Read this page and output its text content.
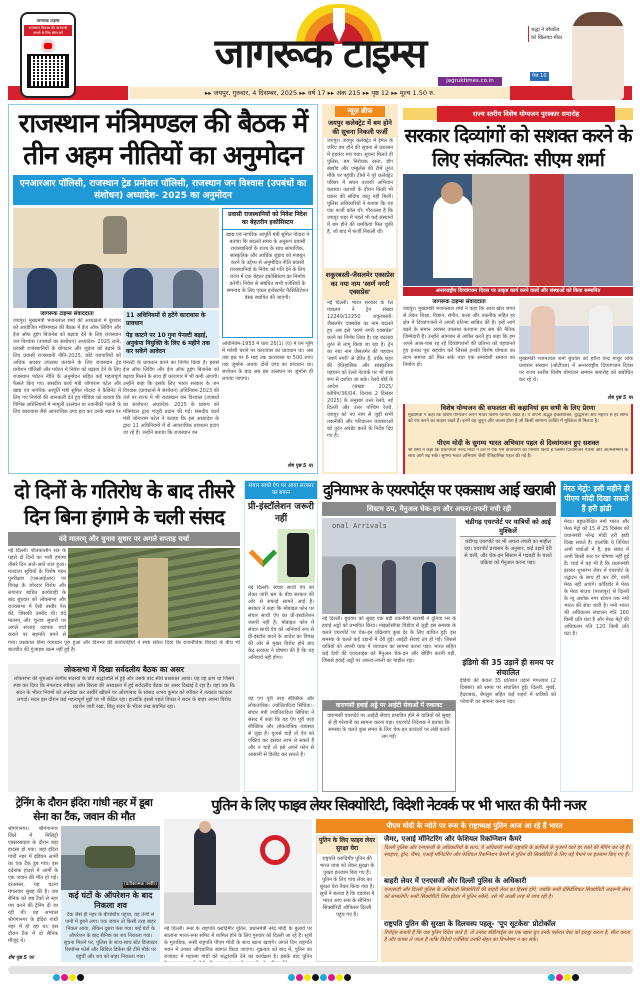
जागरूक टाइम्स
राजस्थान विकास की जानकारी जानने के लिए स्कैन करें	जागरूक टाइम्स
jagruktimes.co.in
▸▸ जयपुर, गुरुवार, 4 दिसम्बर, 2025 ▸▸ वर्ष 17 ▸▸ अंक 215 ▸▸ पृष्ठ 12 ▸▸ मूल्य 1.50 रु.
श्रद्धा ने बॉयफ्रेंड को खिलाया मीठा
पेज 10
राजस्थान मंत्रिमण्डल की बैठक में तीन अहम नीतियों का अनुमोदन
एनआरआर पॉलिसी, राजस्थान ट्रेड प्रमोशन पॉलिसी, राजस्थान जन विश्वास (उपबंधों का संशोधन) अध्यादेश- 2025 का अनुमोदन
जागरूक टाइम्स संवाददाता
जयपुर। मुख्यमंत्री भजनलाल शर्मा की अध्यक्षता में बुधवार को आयोजित मंत्रिमण्डल की बैठक में ईज ऑफ लिविंग और ईज ऑफ डूइंग बिजनेस को बढ़ावा देने के लिए राजस्थान जन विश्वास (उपबंधों का संशोधन) अध्यादेश- 2025 लाने, प्रवासी राजस्थानियों के योगदान और जुड़ाव को बढ़ाने के लिए प्रवासी राजस्थानी नीति-2025, छोटे व्यापारियों को अधिक अवसर उपलब्ध करवाने के लिए राजस्थान ट्रेड प्रमोशन पॉलिसी और पर्यटन में निवेश को बढ़ावा देने के लिए राजस्थान पर्यटन नीति के अनुमोदन सहित कई महत्वपूर्ण फैसले किए गए। संसदीय कार्य मंत्री जोगाराम पटेल और खाद्य एवं नागरिक आपूर्ति मंत्री सुमित गोदारा ने कैबिनेट में लिए गए निर्णयों की जानकारी देते हुए मीडिया को बताया कि विभिन्न अधिनियमों में मामूली उल्लंघन या तकनीकी गलती के लिए कारावास जैसे आपराधिक दण्ड हटा कर उनके स्थान पर
11 अधिनियमों से हटेंगे कारावास के प्रावधान
पेड़ काटने पर 10 गुना पेनल्टी बढ़ाई, अनुकंपा नियुक्ति के लिए 6 महीने तक कर सकेंगे आवेदन
पेनल्टी के प्रावधान करने का निर्णय किया है। इससे ईज ऑफ लिविंग और ईज ऑफ डूइंग बिजनेस को बढ़ावा मिलने के साथ ही कारागार में भी कमी आएगी। उन्होंने कहा कि इसके लिए भारत सरकार के जन विश्वास (प्रावधानों में संशोधन) अधिनियम-2023 की तर्ज पर राज्य में भी राजस्थान जन विश्वास (उपबंधों का संशोधन) अध्यादेश- 2025 के प्रारूप को मंत्रिमंडल द्वारा मंजूरी प्रदान की गई। संसदीय कार्य मंत्री जोगाराम पटेल ने बताया कि इस अध्यादेश के द्वारा 11 अधिनियमों में से आपराधिक प्रावधान हटाए जा रहे हैं। उन्होंने बताया कि राजस्थान वन
प्रवासी राजस्थानियों को निवेश निदेश का बेहतरीन इकोसिस्टम
खाद्य एवं नागरिक आपूर्ति मंत्री सुमित गोदारा ने बताया कि बदलते समय के अनुरूप प्रवासी राजस्थानियों के राज्य के साथ सामाजिक, सांस्कृतिक और आर्थिक जुड़ाव को मजबूत करने के उद्देश्य से अनुमोदित नीति प्रवासी राजस्थानियों के निवेश को गति देने के लिए राज्य में एक बेहतर इकोसिस्टम का निर्माण करेगी। निवेश से संबंधित सभी एजेंसियों के समन्वय के लिए एकल इन्वेस्टमेंट फैसिलिटेशन डेस्क स्थापित की जाएगी।
अधिनियम-1953 में धारा 26(1) (ए) में वन भूमि में मवेशी चराने पर कारावास का प्रावधान था। अब तक इस पर 6 माह तक कारावास या 500 रुपए तक जुर्माना अथवा दोनों दण्ड का प्रावधान था। संशोधन के बाद अब इस उल्लंघन पर जुर्माना ही लगाया जाएगा।
शेष पृष्ठ 5 पर
न्यूज़ ब्रीफ
जयपुर कलेक्ट्रेट में बम होने की सूचना निकली फर्जी
जयपुर। जयपुर कलेक्ट्रेट में ईमेल के जरिए बम होने की सूचना से प्रशासन में हड़कंप मच गया। सूचना मिलते ही पुलिस, बम निरोधक दस्ता, डॉग स्क्वॉड और एम्बुलेंस की टीमें तुरंत मौके पर पहुंचीं। टीमों ने पूरे कलेक्ट्रेट परिसर में सघन तलाशी अभियान चलाया। तलाशी के दौरान किसी भी प्रकार की संदिग्ध वस्तु नहीं मिली। पुलिस अधिकारियों ने बताया कि यह एक फर्जी कॉल थी। गौरतलब है कि जयपुर शहर में पहले भी कई संस्थानों में बम होने की धमकियां मिल चुकी हैं, जो बाद में फर्जी निकली थीं।
शकूरबस्ती-जैसलमेर एक्सप्रेस का नया नाम 'स्वर्ण नगरी एक्सप्रेस'
नई दिल्ली। भारत सरकार के रेल मंत्रालय ने ट्रेन संख्या 12249/12250 शकूरबस्ती- जैसलमेर एक्सप्रेस का नाम बदलते हुए अब इसे 'स्वर्ण नगरी एक्सप्रेस' करने का निर्णय लिया है। यह बदलाव तुरंत से लागू किया जा रहा है। ट्रेन का नया नाम जैसलमेर की पहचान 'स्वर्ण नगरी' से प्रेरित है, ताकि शहर की ऐतिहासिक और सांस्कृतिक पहचान को रेलवे नेटवर्क पर भी स्पष्ट रूप से दर्शाया जा सके। रेलवे बोर्ड के आदेश (संख्या 2025/कोचिंग/36/04, दिनांक 2 दिसंबर 2025) के अनुसार उत्तर रेलवे, नई दिल्ली और उत्तर पश्चिम रेलवे, जयपुर को नए नाम से जुड़ी सभी तकनीकी और परिचालन व्यवस्थाओं को तुरंत अपडेट करने के निर्देश दिए गए हैं।
राज्य स्तरीय विशेष योग्यजन पुरस्कार समारोह
सरकार दिव्यांगों को सशक्त करने के लिए संकल्पित: सीएम शर्मा
अन्तरराष्ट्रीय दिव्यांगजन दिवस पर उत्कृष्ट कार्य करने वालों और संस्थाओं को किया सम्मानित
जागरूक टाइम्स संवाददाता
जयपुर। मुख्यमंत्री भजनलाल शर्मा ने कहा कि आज खेल जगत से लेकर शिक्षा, विज्ञान, संगीत, कला और तकनीक सहित हर क्षेत्र में दिव्यांगजनों ने अपनी प्रतिभा साबित की है। इन्हें आगे बढ़ने के समान अवसर उपलब्ध करवाना हम सब की नैतिक जिम्मेदारी है। उन्होंने आमजन से अपील करते हुए कहा कि हम अपने आस-पास रह रहे दिव्यांगजनों की प्रतिभा को पहचानते हुए इनका पूरा सहयोग करें जिससे इनकी विशेष योग्यता का लाभ समाज को मिल सके तथा एक समावेशी समाज का निर्माण हो।
मुख्यमंत्री भजनलाल शर्मा बुधवार को हरीश चन्द्र माथुर लोक प्रशासन संस्थान (ओटीएस) में अन्तरराष्ट्रीय दिव्यांगजन दिवस पर राज्य स्तरीय विशेष योग्यजन सम्मान समारोह को संबोधित कर रहे थे।
शेष पृष्ठ 5 पर
विशेष योग्यजन की सफलता की कहानियां हम सभी के लिए प्रेरणा
मुख्यमंत्री ने कहा कि विशेष योग्यजन अपने भीतर विशेष योग्यता रखते हैं। ये अपनी अद्भुत इच्छाशक्ति, बुद्धिमत्ता और मेहनत से हर सीमा को पार करने का साहस रखते हैं। इनमें वह जुनून और जज्बा होता है जो किसी सामान्य व्यक्ति में मुश्किल से मिलता है।
पीएम मोदी के सुगम्य भारत अभियान पहल से दिव्यांगजन हुए सशक्त
श्री शर्मा ने कहा कि प्रधानमंत्री नरेन्द्र मोदी ने देश में एक ऐसे वातावरण का निर्माण किया है जिसमें दिव्यांगजन गरिमा और आत्मसम्मान के साथ आगे बढ़ सकें। सुगम्य भारत अभियान जैसी ऐतिहासिक पहल की गई है।
दो दिनों के गतिरोध के बाद तीसरे दिन बिना हंगामे के चली संसद
वंदे मातरम् और चुनाव सुधार पर अगले सप्ताह चर्चा
नई दिल्ली। शीतकालीन सत्र के पहले दो दिनों का भारी हंगामा तीसरे दिन आते-आते शांत हुआ। मतदाता सूचियों के विशेष गहन पुनरीक्षण (एसआईआर) पर विपक्ष के जोरदार विरोध और लगातार बाधित कार्यवाही के बाद बुधवार को लोकसभा और राज्यसभा में ऐसी तस्वीर पेश की, जिसकी उम्मीद थी। वंदे मातरम् और चुनाव सुधारों पर अगले सप्ताह व्यापक चर्चा कराने पर सहमति बनने से
गया। प्रश्नकाल बिना व्यवधान पूरा हुआ और दिनभर की कार्यवाहियों ने स्पष्ट संकेत दिया कि राजनीतिक विवादों के बीच भी बातचीत की गुंजाइश खत्म नहीं हुई है।
लोकसभा में दिखा सर्वदलीय बैठक का असर
लोकसभा की शुरुआत स्वर्गीय सदस्यों के प्रति श्रद्धांजलि से हुई और उसके बाद सीधे प्रश्नकाल आया। यह वह क्षण था जिसने स्पष्ट कर दिया कि मंगलवार स्पीकर ओम बिरला की अध्यक्षता में हुई सर्वदलीय बैठक का असर दिखाई दे रहा है। यहां तक कि सदन के भीतर नियमों को अनदेखा कर तस्वीरें खींचने पर ओरंगाबाद के सांसद अभय कुमार को स्पीकर ने तत्काल फटकार लगाई। सदन इस दौरान कई महत्वपूर्ण मुद्दों पर भी केंद्रित रहा। हालांकि इससे पहले विपक्ष ने सदन के बाहर अपना विरोध प्रदर्शन जारी रखा, किंतु सदन के भीतर रुख संयमित रहा।
संचार साथी ऐप पर आया सरकार का बयान
प्री-इंस्टॉलेशन जरूरी नहीं
नई दिल्ली। संचार साथी ऐप को लेकर जारी भ्रम के बीच सरकार की ओर से सफाई सामने आई है। सरकार ने कहा कि मोबाइल फोन पर संचार साथी ऐप का प्री-इंस्टॉलेशन जरूरी नहीं है। मोबाइल फोन में संचार साथी ऐप को अनिवार्य रूप से प्री-इंस्टॉल करने के आदेश का विपक्ष की ओर से मुखर विरोध होने बाद केंद्र सरकार ने घोषणा की है कि यह अनिवार्य नहीं होगा।
यह एप पूरी तरह स्वैच्छिक और लोकतांत्रिक: ज्योतिरादित्य सिंधिया:- संचार मंत्री ज्योतिरादित्य सिंधिया ने संसद में कहा कि यह ऐप पूरी तरह स्वैच्छिक और लोकतांत्रिक व्यवस्था से जुड़ा है। यूजर्स चाहें तो ऐप को एक्टिव कर इसका लाभ ले सकते हैं और न चाहें तो इसे अपने फोन से आसानी से डिलीट कर सकते हैं।
दुनियाभर के एयरपोर्ट्स पर एकसाथ आई खराबी
सिस्टम ठप, मैनुअल चेक-इन और अफरा-तफरी मची रही
onal Arrivals
नई दिल्ली। बुधवार को सुबह एक बड़ी तकनीकी खराबी ने दुनिया भर के हवाई अड्डों को प्रभावित किया। माइक्रोसॉफ्ट विंडोज से जुड़ी इस समस्या के चलते एयरपोर्ट पर चेक-इन प्रक्रियाएं कुछ देर के लिए बाधित हुईं। इस समस्या के चलते कई उड़ानों में देरी हुई। आईटी सेवाएं ठप हो गईं। जिससे यात्रियों को अपनी यात्रा में व्यवधान का सामना करना पड़ा। भारत सहित कई देशों की एयरलाइंस को मैनुअल चेक-इन और बोर्डिंग करनी पड़ी, जिससे हवाई अड्डों पर अफरा-तफरी का माहौल रहा।
वाराणसी हवाई अड्डे पर आईटी सेवाओं में रुकावट
वाराणसी एयरपोर्ट पर आईटी सेवाएं प्रभावित होने से यात्रियों को सुबह से ही परेशानी का सामना करना पड़ा। एयरपोर्ट निदेशक ने बताया कि समस्या के चलते कुछ समय के लिए चेक-इन काउंटरों पर लंबी कतारें लग गईं।
चंडीगढ़ एयरपोर्ट पर यात्रियों को आई मुश्किलें
चंडीगढ़ एयरपोर्ट पर भी अफरा-तफरी का माहौल रहा। एयरपोर्ट प्रशासन के अनुसार, कई उड़ानें देरी से चलीं, और चेक-इन सिस्टम में गड़बड़ी के चलते प्रक्रिया को मैनुअल करना पड़ा।
इंडिगो की 35 उड़ानें ही समय पर संचालित
इंडिगो की केवल 35 प्रतिशत उड़ानें मंगलवार (2 दिसंबर) को समय पर संचालित हुईं। दिल्ली, मुंबई, हैदराबाद, बेंगलुरु सहित कई शहरों में यात्रियों को परेशानी का सामना करना पड़ा।
मेरठ मेट्रो: इसी महीने ही पीएम मोदी दिखा सकते हैं हरी झंडी
मेरठ। बहुप्रतीक्षित नमो भारत और मेरठ मेट्रो को 15 से 25 दिसंबर को प्रधानमंत्री नरेन्द्र मोदी हरी झंडी दिखा सकते हैं। हालांकि ये तिथियां अभी चर्चाओं में हैं, इस संबंध में अभी किसी स्तर पर घोषणा नहीं हुई है। चर्चा में यह भी है कि प्रधानमंत्री इसका शुभारंभ जेवर में एयरपोर्ट के उद्घाटन के साथ ही कर देंगे, यानी मेरठ नहीं आएंगे। कॉरिडोर में मेरठ के मेरठ साउथ (परतापुर) से दिल्ली के न्यू अशोक नगर स्टेशन तक नमो भारत की सेवा जारी है। नमो भारत की अधिकतम संचालन गति 160 किमी प्रति घंटा है और मेरठ मेट्रो की अधिकतम गति 120 किमी प्रति घंटा है।
ट्रेनिंग के दौरान इंदिरा गांधी नहर में डूबा सेना का टैंक, जवान की मौत
श्रीगंगानगर। श्रीगंगानगर जिले में मिलिट्री एक्सरसाइज के दौरान बड़ा हादसा हो गया। जहां इंदिरा गांधी नहर में इंडियन आर्मी का एक टैंक डूब गया। इस दर्दनाक हादसे में आर्मी के एक जवान की मौत हो गई। दरअसल, यह घटना मंगलवार सुबह की है। जब सैनिक को जब टैंकों से नहर पार करने की ट्रेनिंग दी जा रही थी। यह अभ्यास श्रीगंगानगर के इंदिरा गांधी नहर में हो रहा था। इस दौरान टैंक में दो सैनिक मौजूद थे।
शेष पृष्ठ 5 पर
(प्रतीकात्मक तस्वीर)
कई घंटों के ऑपरेशन के बाद निकला शव
टैंक जैसे ही नहर के बीचोंबीच पहुंचा, वह तेजी से पानी में डूबने लगा। एक जवान तो किसी तरह बाहर निकल आया, लेकिन दूसरा फंस गया। कई घंटों के ऑपरेशन के बाद सैनिक का शव निकाला गया। सूचना मिलने पर, पुलिस के साथ-साथ स्टेट डिजास्टर रिस्पॉन्स फोर्स और सिविल डिफेंस की टीमें मौके पर पहुंचीं और शव को बाहर निकाला गया।
पुतिन के लिए फाइव लेयर सिक्योरिटी, विदेशी नेटवर्क पर भी भारत की पैनी नजर
नई दिल्ली। रूस के राष्ट्रपति व्लादिमीर पुतिन, प्रधानमंत्री नरेंद्र मोदी के बुलावे पर सालाना भारत-रूस समिट में शामिल होने के लिए गुरुवार को दिल्ली आ रहे हैं। सूत्रों के मुताबिक, रूसी राष्ट्रपति पीएम मोदी के साथ खाना खाएंगे। अगले दिन राष्ट्रपति भवन में उनका औपचारिक स्वागत किया जाएगा। शुक्रवार को बाद में, पुतिन का राजघाट में महात्मा गांधी को श्रद्धांजलि देने का कार्यक्रम है। इसके बाद पुतिन
पीएम मोदी के न्योते पर रूस के राष्ट्राध्यक्ष पुतिन आज आ रहे हैं भारत
पुतिन के लिए फाइव लेयर सुरक्षा घेरा
राष्ट्रपति व्लादिमीर पुतिन की भारत यात्रा को लेकर सुरक्षा के पुख्ता इंतजाम किए गए हैं। पुतिन के लिए पांच लेयर का सुरक्षा घेरा तैयार किया गया है। सूत्रों ने बताया है कि एडवांस में भारत आए रूस के सीनियर सिक्योरिटी ऑफिसर दिल्ली पहुंच गए हैं।
जैमर, एआई मॉनिटरिंग और फेशियल रिकग्निशन कैमरे
दिल्ली पुलिस और एनएसजी के अधिकारियों के साथ, ये अधिकारी रूसी राष्ट्रपति के काफिले के गुजरने वाले हर रास्ते की मैपिंग कर रहे हैं। स्नाइपर, ड्रोन, जैमर, एआई मॉनिटरिंग और फेशियल रिकग्निशन कैमरों से पुतिन की सिक्योरिटी के लिए बड़े पैमाने पर इंतजाम किए गए हैं।
बाहरी लेयर में एनएसजी और दिल्ली पुलिस के अधिकारी
एनएसजी और दिल्ली पुलिस के अधिकारी सिक्योरिटी की बाहरी लेयर का हिस्सा होंगे, जबकि रूसी प्रेसिडेंशियल सिक्योरिटी अंदरूनी लेयर को संभालेगी। रूसी सिक्योरिटी जिस होटल में पुतिन रुकेंगे, उसे भी अच्छी तरह से जांच रही है।
राष्ट्रपति पुतिन की सुरक्षा के दिलचस्प पहलू- 'पूप सूटकेस' प्रोटोकॉल
रिपोर्ट्स बताती हैं कि जब पुतिन विदेश जाते हैं, तो उनका बॉडीगार्ड्स का एक खास ग्रुप उनके पर्सनल वेस्ट को इकट्ठा करता है, सील करता है और वापस ले जाता है ताकि विदेशी एजेंसियां उनकी सेहत का विश्लेषण न कर सकें।
